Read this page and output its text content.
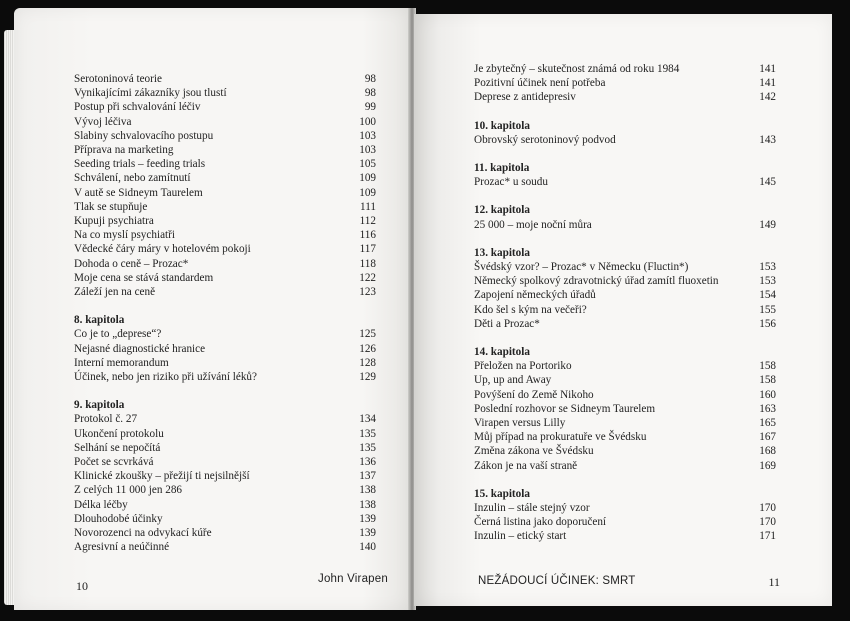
Serotoninová teorie	98
Vynikajícími zákazníky jsou tlustí	98
Postup při schvalování léčiv	99
Vývoj léčiva	100
Slabiny schvalovacího postupu	103
Příprava na marketing	103
Seeding trials – feeding trials	105
Schválení, nebo zamítnutí	109
V autě se Sidneym Taurelem	109
Tlak se stupňuje	111
Kupuji psychiatra	112
Na co myslí psychiatři	116
Vědecké čáry máry v hotelovém pokoji	117
Dohoda o ceně – Prozac*	118
Moje cena se stává standardem	122
Záleží jen na ceně	123
8. kapitola
Co je to „deprese“?	125
Nejasné diagnostické hranice	126
Interní memorandum	128
Účinek, nebo jen riziko při užívání léků?	129
9. kapitola
Protokol č. 27	134
Ukončení protokolu	135
Selhání se nepočítá	135
Počet se scvrkává	136
Klinické zkoušky – přežijí ti nejsilnější	137
Z celých 11 000 jen 286	138
Délka léčby	138
Dlouhodobé účinky	139
Novorozenci na odvykací kúře	139
Agresivní a neúčinné	140
10	John Virapen
Je zbytečný – skutečnost známá od roku 1984	141
Pozitivní účinek není potřeba	141
Deprese z antidepresiv	142
10. kapitola
Obrovský serotoninový podvod	143
11. kapitola
Prozac* u soudu	145
12. kapitola
25 000 – moje noční můra	149
13. kapitola
Švédský vzor? – Prozac* v Německu (Fluctin*)	153
Německý spolkový zdravotnický úřad zamítl fluoxetin	153
Zapojení německých úřadů	154
Kdo šel s kým na večeři?	155
Děti a Prozac*	156
14. kapitola
Přeložen na Portoriko	158
Up, up and Away	158
Povýšení do Země Nikoho	160
Poslední rozhovor se Sidneym Taurelem	163
Virapen versus Lilly	165
Můj případ na prokuratuře ve Švédsku	167
Změna zákona ve Švédsku	168
Zákon je na vaší straně	169
15. kapitola
Inzulin – stále stejný vzor	170
Černá listina jako doporučení	170
Inzulin – etický start	171
NEŽÁDOUCÍ ÚČINEK: SMRT	11
